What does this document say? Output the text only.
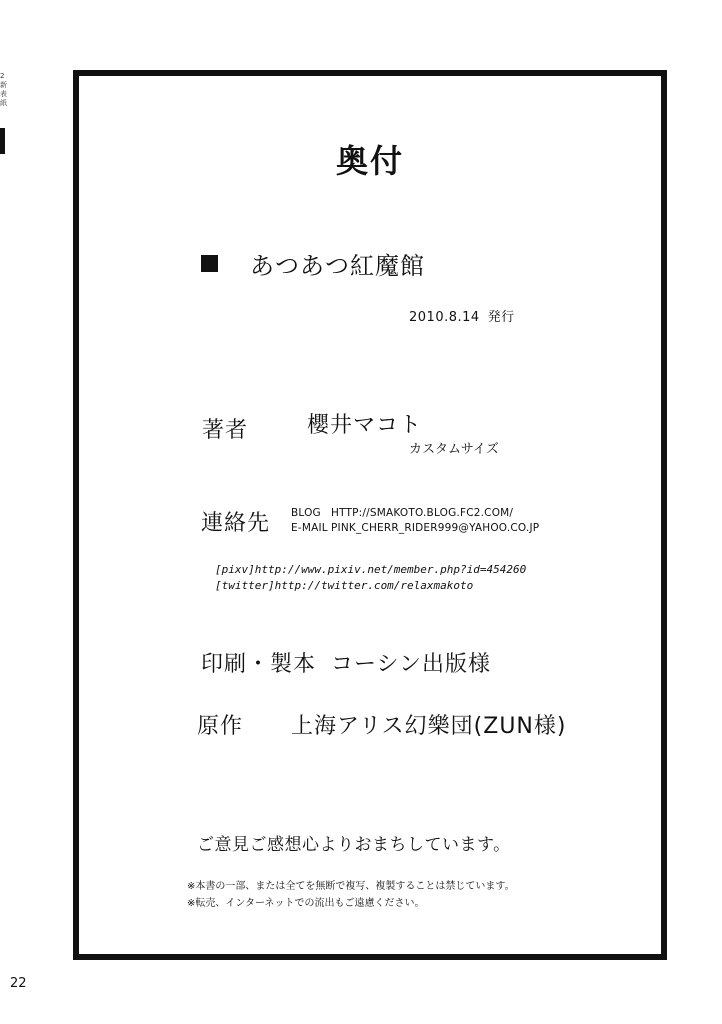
2
新
表
紙
奥付
あつあつ紅魔館
2010.8.14 発行
著者	櫻井マコト
カスタムサイズ
連絡先 BLOG HTTP://SMAKOTO.BLOG.FC2.COM/
E-MAIL PINK_CHERR_RIDER999@YAHOO.CO.JP
[pixv]http://www.pixiv.net/member.php?id=454260
[twitter]http://twitter.com/relaxmakoto
印刷・製本 コーシン出版様
原作 上海アリス幻樂団(ZUN様)
ご意見ご感想心よりおまちしています。
※本書の一部、または全てを無断で複写、複製することは禁じています。
※転売、インターネットでの流出もご遠慮ください。
22
